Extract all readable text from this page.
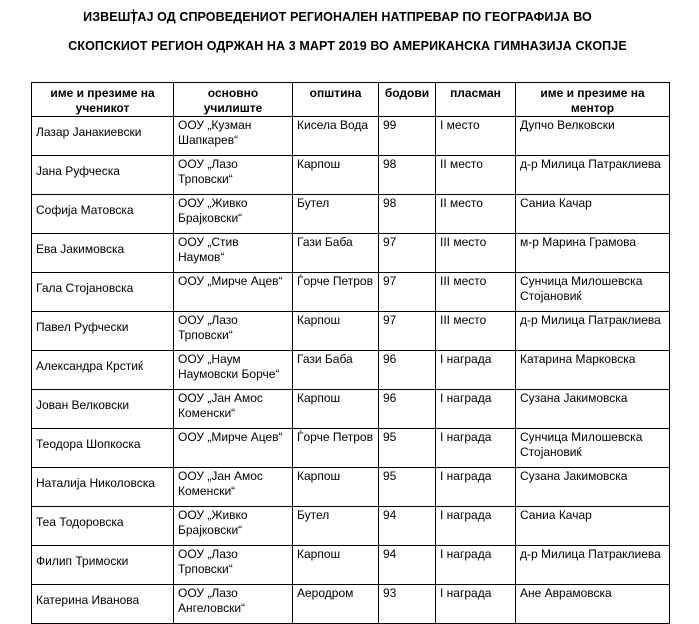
ИЗВЕШТАЈ ОД СПРОВЕДЕНИОТ РЕГИОНАЛЕН НАТПРЕВАР ПО ГЕОГРАФИЈА ВО
СКОПСКИОТ РЕГИОН ОДРЖАН НА 3 МАРТ 2019 ВО АМЕРИКАНСКА ГИМНАЗИЈА СКОПЈЕ
име и презиме на ученикот	основно училиште	општина	бодови	пласман	име и презиме на ментор
Лазар Јанакиевски	ООУ „Кузман Шапкарев“	Кисела Вода	99	I место	Дупчо Велковски
Јана Руфческа	ООУ „Лазо Трповски“	Карпош	98	II место	д-р Милица Патраклиева
Софија Матовска	ООУ „Живко Брајковски“	Бутел	98	II место	Саниа Качар
Ева Јакимовска	ООУ „Стив Наумов“	Гази Баба	97	III место	м-р Марина Грамова
Гала Стојановска	ООУ „Мирче Ацев“	Ѓорче Петров	97	III место	Сунчица Милошевска Стојановиќ
Павел Руфчески	ООУ „Лазо Трповски“	Карпош	97	III место	д-р Милица Патраклиева
Александра Крстиќ	ООУ „Наум Наумовски Борче“	Гази Баба	96	I награда	Катарина Марковска
Јован Велковски	ООУ „Јан Амос Коменски“	Карпош	96	I награда	Сузана Јакимовска
Теодора Шопкоска	ООУ „Мирче Ацев“	Ѓорче Петров	95	I награда	Сунчица Милошевска Стојановиќ
Наталија Николовска	ООУ „Јан Амос Коменски“	Карпош	95	I награда	Сузана Јакимовска
Теа Тодоровска	ООУ „Живко Брајковски“	Бутел	94	I награда	Саниа Качар
Филип Тримоски	ООУ „Лазо Трповски“	Карпош	94	I награда	д-р Милица Патраклиева
Катерина Иванова	ООУ „Лазо Ангеловски“	Аеродром	93	I награда	Ане Аврамовска
